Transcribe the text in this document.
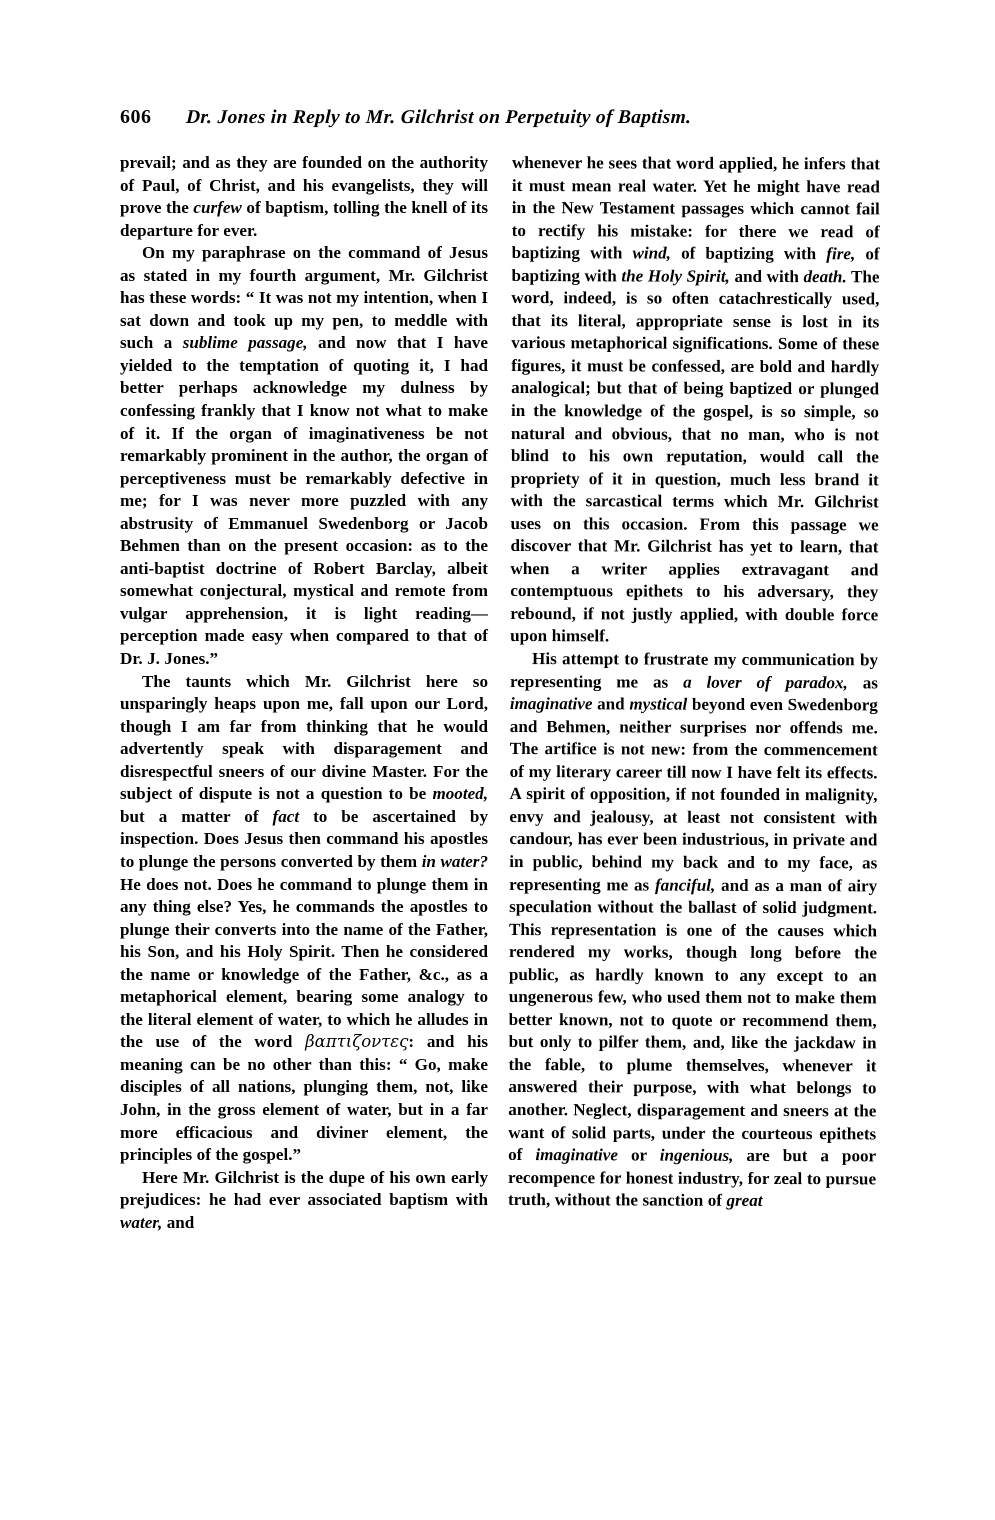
606 Dr. Jones in Reply to Mr. Gilchrist on Perpetuity of Baptism.

prevail; and as they are founded on the authority of Paul, of Christ, and his evangelists, they will prove the curfew of baptism, tolling the knell of its departure for ever.

On my paraphrase on the command of Jesus as stated in my fourth argument, Mr. Gilchrist has these words: “ It was not my intention, when I sat down and took up my pen, to meddle with such a sublime passage, and now that I have yielded to the temptation of quoting it, I had better perhaps acknowledge my dulness by confessing frankly that I know not what to make of it. If the organ of imaginativeness be not remarkably prominent in the author, the organ of perceptiveness must be remarkably defective in me; for I was never more puzzled with any abstrusity of Emmanuel Swedenborg or Jacob Behmen than on the present occasion: as to the anti-baptist doctrine of Robert Barclay, albeit somewhat conjectural, mystical and remote from vulgar apprehension, it is light reading—perception made easy when compared to that of Dr. J. Jones.”

The taunts which Mr. Gilchrist here so unsparingly heaps upon me, fall upon our Lord, though I am far from thinking that he would advertently speak with disparagement and disrespectful sneers of our divine Master. For the subject of dispute is not a question to be mooted, but a matter of fact to be ascertained by inspection. Does Jesus then command his apostles to plunge the persons converted by them in water? He does not. Does he command to plunge them in any thing else? Yes, he commands the apostles to plunge their converts into the name of the Father, his Son, and his Holy Spirit. Then he considered the name or knowledge of the Father, &c., as a metaphorical element, bearing some analogy to the literal element of water, to which he alludes in the use of the word βαπτιζοντες: and his meaning can be no other than this: “ Go, make disciples of all nations, plunging them, not, like John, in the gross element of water, but in a far more efficacious and diviner element, the principles of the gospel.”

Here Mr. Gilchrist is the dupe of his own early prejudices: he had ever associated baptism with water, and

whenever he sees that word applied, he infers that it must mean real water. Yet he might have read in the New Testament passages which cannot fail to rectify his mistake: for there we read of baptizing with wind, of baptizing with fire, of baptizing with the Holy Spirit, and with death. The word, indeed, is so often catachrestically used, that its literal, appropriate sense is lost in its various metaphorical significations. Some of these figures, it must be confessed, are bold and hardly analogical; but that of being baptized or plunged in the knowledge of the gospel, is so simple, so natural and obvious, that no man, who is not blind to his own reputation, would call the propriety of it in question, much less brand it with the sarcastical terms which Mr. Gilchrist uses on this occasion. From this passage we discover that Mr. Gilchrist has yet to learn, that when a writer applies extravagant and contemptuous epithets to his adversary, they rebound, if not justly applied, with double force upon himself.

His attempt to frustrate my communication by representing me as a lover of paradox, as imaginative and mystical beyond even Swedenborg and Behmen, neither surprises nor offends me. The artifice is not new: from the commencement of my literary career till now I have felt its effects. A spirit of opposition, if not founded in malignity, envy and jealousy, at least not consistent with candour, has ever been industrious, in private and in public, behind my back and to my face, as representing me as fanciful, and as a man of airy speculation without the ballast of solid judgment. This representation is one of the causes which rendered my works, though long before the public, as hardly known to any except to an ungenerous few, who used them not to make them better known, not to quote or recommend them, but only to pilfer them, and, like the jackdaw in the fable, to plume themselves, whenever it answered their purpose, with what belongs to another. Neglect, disparagement and sneers at the want of solid parts, under the courteous epithets of imaginative or ingenious, are but a poor recompence for honest industry, for zeal to pursue truth, without the sanction of great
